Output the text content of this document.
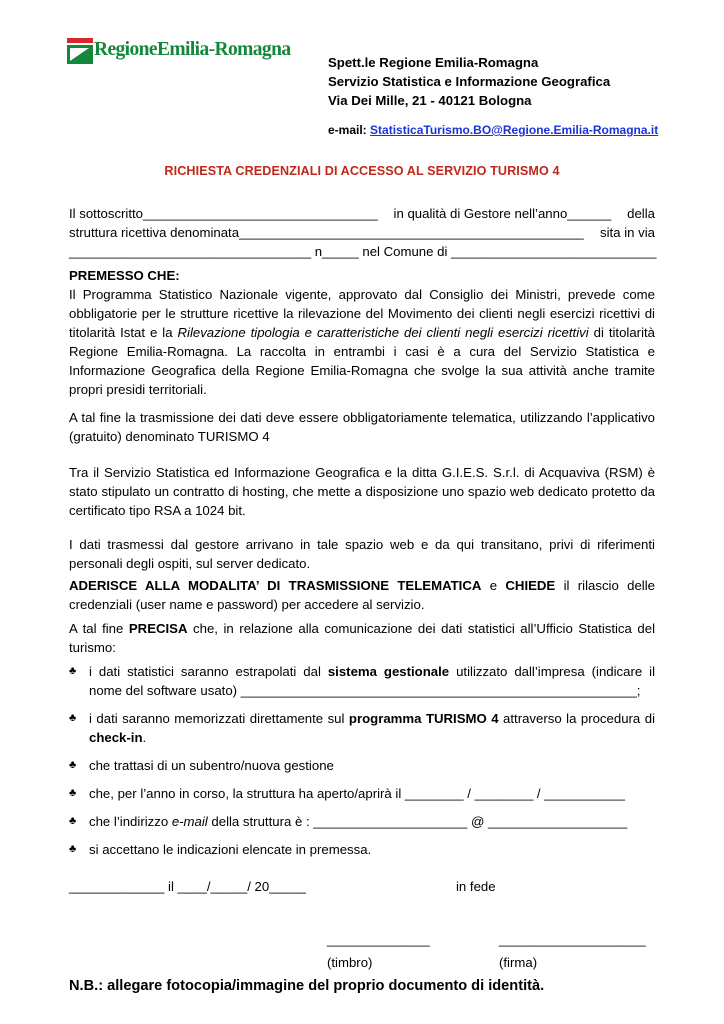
RegioneEmilia-Romagna
Spett.le Regione Emilia-Romagna
Servizio Statistica e Informazione Geografica
Via Dei Mille, 21 - 40121 Bologna
e-mail: StatisticaTurismo.BO@Regione.Emilia-Romagna.it
RICHIESTA CREDENZIALI DI ACCESSO AL SERVIZIO TURISMO 4
Il sottoscritto________________________________ in qualità di Gestore nell’anno______ della
struttura ricettiva denominata_______________________________________________ sita in via
_________________________________ n_____ nel Comune di ____________________________
PREMESSO CHE:

Il Programma Statistico Nazionale vigente, approvato dal Consiglio dei Ministri, prevede come obbligatorie per le strutture ricettive la rilevazione del Movimento dei clienti negli esercizi ricettivi di titolarità Istat e la Rilevazione tipologia e caratteristiche dei clienti negli esercizi ricettivi di titolarità Regione Emilia-Romagna. La raccolta in entrambi i casi è a cura del Servizio Statistica e Informazione Geografica della Regione Emilia-Romagna che svolge la sua attività anche tramite propri presidi territoriali.

A tal fine la trasmissione dei dati deve essere obbligatoriamente telematica, utilizzando l’applicativo (gratuito) denominato TURISMO 4
Tra il Servizio Statistica ed Informazione Geografica e la ditta G.I.E.S. S.r.l. di Acquaviva (RSM) è stato stipulato un contratto di hosting, che mette a disposizione uno spazio web dedicato protetto da certificato tipo RSA a 1024 bit.
I dati trasmessi dal gestore arrivano in tale spazio web e da qui transitano, privi di riferimenti personali degli ospiti, sul server dedicato.
ADERISCE ALLA MODALITA’ DI TRASMISSIONE TELEMATICA e CHIEDE il rilascio delle credenziali (user name e password) per accedere al servizio.
A tal fine PRECISA che, in relazione alla comunicazione dei dati statistici all’Ufficio Statistica del turismo:
♣ i dati statistici saranno estrapolati dal sistema gestionale utilizzato dall’impresa (indicare il nome del software usato) ______________________________________________________;
♣ i dati saranno memorizzati direttamente sul programma TURISMO 4 attraverso la procedura di check-in.
♣ che trattasi di un subentro/nuova gestione
♣ che, per l’anno in corso, la struttura ha aperto/aprirà il ________ / ________ / ___________
♣ che l’indirizzo e-mail della struttura è : _____________________ @ ___________________
♣ si accettano le indicazioni elencate in premessa.
_____________ il ____/_____/ 20_____	in fede
______________	____________________
(timbro)	(firma)
N.B.: allegare fotocopia/immagine del proprio documento di identità.
